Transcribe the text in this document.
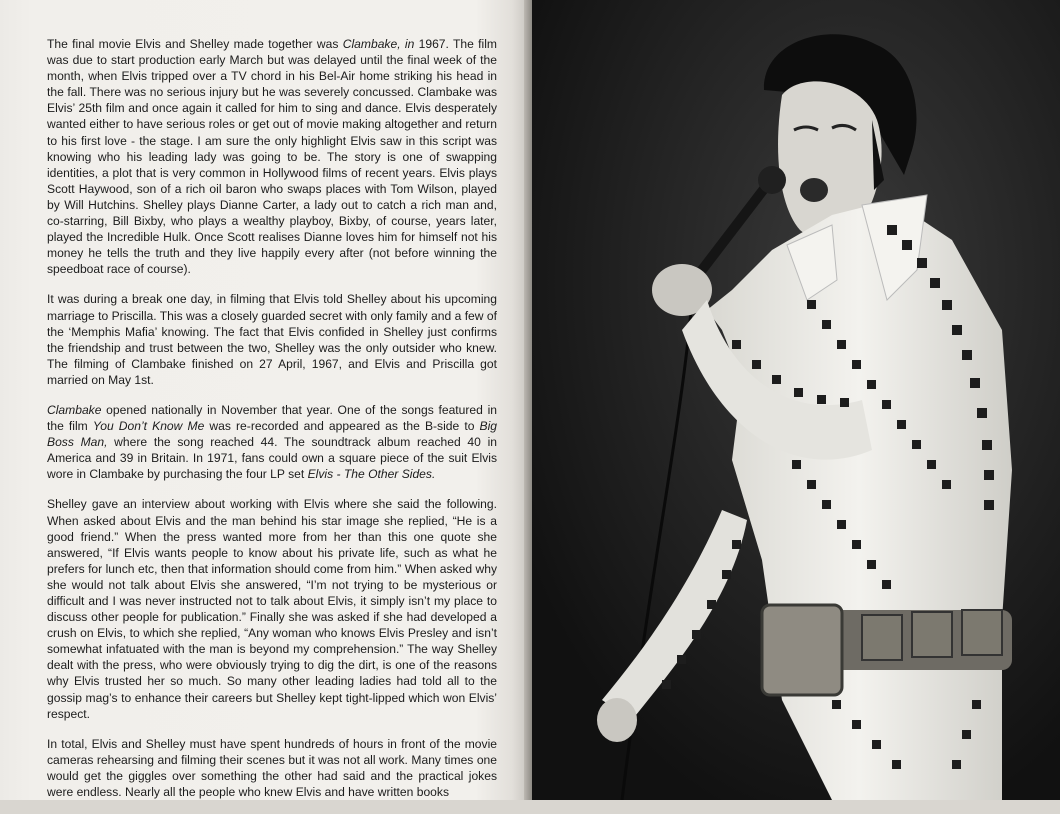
The final movie Elvis and Shelley made together was Clambake, in 1967. The film was due to start production early March but was delayed until the final week of the month, when Elvis tripped over a TV chord in his Bel-Air home striking his head in the fall. There was no serious injury but he was severely concussed. Clambake was Elvis’ 25th film and once again it called for him to sing and dance. Elvis desperately wanted either to have serious roles or get out of movie making altogether and return to his first love - the stage. I am sure the only highlight Elvis saw in this script was knowing who his leading lady was going to be. The story is one of swapping identities, a plot that is very common in Hollywood films of recent years. Elvis plays Scott Haywood, son of a rich oil baron who swaps places with Tom Wilson, played by Will Hutchins. Shelley plays Dianne Carter, a lady out to catch a rich man and, co-starring, Bill Bixby, who plays a wealthy playboy, Bixby, of course, years later, played the Incredible Hulk. Once Scott realises Dianne loves him for himself not his money he tells the truth and they live happily every after (not before winning the speedboat race of course).

It was during a break one day, in filming that Elvis told Shelley about his upcoming marriage to Priscilla. This was a closely guarded secret with only family and a few of the ‘Memphis Mafia’ knowing. The fact that Elvis confided in Shelley just confirms the friendship and trust between the two, Shelley was the only outsider who knew. The filming of Clambake finished on 27 April, 1967, and Elvis and Priscilla got married on May 1st.

Clambake opened nationally in November that year. One of the songs featured in the film You Don’t Know Me was re-recorded and appeared as the B-side to Big Boss Man, where the song reached 44. The soundtrack album reached 40 in America and 39 in Britain. In 1971, fans could own a square piece of the suit Elvis wore in Clambake by purchasing the four LP set Elvis - The Other Sides.

Shelley gave an interview about working with Elvis where she said the following. When asked about Elvis and the man behind his star image she replied, “He is a good friend.” When the press wanted more from her than this one quote she answered, “If Elvis wants people to know about his private life, such as what he prefers for lunch etc, then that information should come from him.” When asked why she would not talk about Elvis she answered, “I’m not trying to be mysterious or difficult and I was never instructed not to talk about Elvis, it simply isn’t my place to discuss other people for publication.” Finally she was asked if she had developed a crush on Elvis, to which she replied, “Any woman who knows Elvis Presley and isn’t somewhat infatuated with the man is beyond my comprehension.” The way Shelley dealt with the press, who were obviously trying to dig the dirt, is one of the reasons why Elvis trusted her so much. So many other leading ladies had told all to the gossip mag’s to enhance their careers but Shelley kept tight-lipped which won Elvis’ respect.

In total, Elvis and Shelley must have spent hundreds of hours in front of the movie cameras rehearsing and filming their scenes but it was not all work. Many times one would get the giggles over something the other had said and the practical jokes were endless. Nearly all the people who knew Elvis and have written books
